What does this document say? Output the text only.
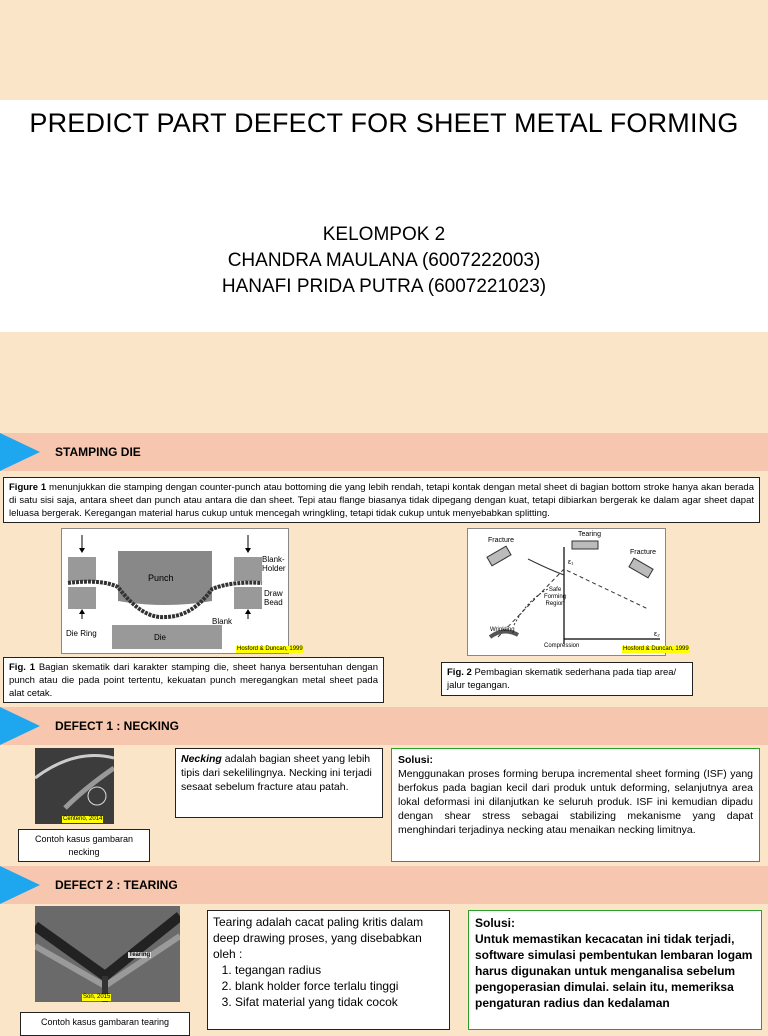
PREDICT PART DEFECT FOR SHEET METAL FORMING
KELOMPOK 2
CHANDRA MAULANA (6007222003)
HANAFI PRIDA PUTRA (6007221023)
STAMPING DIE
Figure 1 menunjukkan die stamping dengan counter-punch atau bottoming die yang lebih rendah, tetapi kontak dengan metal sheet di bagian bottom stroke hanya akan berada di satu sisi saja, antara sheet dan punch atau antara die dan sheet. Tepi atau flange biasanya tidak dipegang dengan kuat, tetapi dibiarkan bergerak ke dalam agar sheet dapat leluasa bergerak. Keregangan material harus cukup untuk mencegah wringkling, tetapi tidak cukup untuk menyebabkan splitting.
Punch
Blank-
Holder
Draw
Bead
Blank
Die Ring	Die
Hosford & Duncan, 1999
Fracture
Tearing
Fracture
ε₁
ε₂
Safe
Forming
Region
Wrinkling
Compression	Hosford & Duncan, 1999
Fig. 1 Bagian skematik dari karakter stamping die, sheet hanya bersentuhan dengan punch atau die pada point tertentu, kekuatan punch meregangkan metal sheet pada alat cetak.
Fig. 2 Pembagian skematik sederhana pada tiap area/ jalur tegangan.
DEFECT 1 : NECKING
Centeno, 2014
Contoh kasus gambaran necking
Necking adalah bagian sheet yang lebih tipis dari sekelilingnya. Necking ini terjadi sesaat sebelum fracture atau patah.
Solusi:
Menggunakan proses forming berupa incremental sheet forming (ISF) yang berfokus pada bagian kecil dari produk untuk deforming, selanjutnya area lokal deformasi ini dilanjutkan ke seluruh produk. ISF ini kemudian dipadu dengan shear stress sebagai stabilizing mekanisme yang dapat menghindari terjadinya necking atau menaikan necking limitnya.
DEFECT 2 : TEARING
Tearing
Son, 2015
Contoh kasus gambaran tearing
Tearing adalah cacat paling kritis dalam deep drawing proses, yang disebabkan oleh :
1. tegangan radius
2. blank holder force terlalu tinggi
3. Sifat material yang tidak cocok
Solusi:
Untuk memastikan kecacatan ini tidak terjadi, software simulasi pembentukan lembaran logam harus digunakan untuk menganalisa sebelum pengoperasian dimulai. selain itu, memeriksa pengaturan radius dan kedalaman
